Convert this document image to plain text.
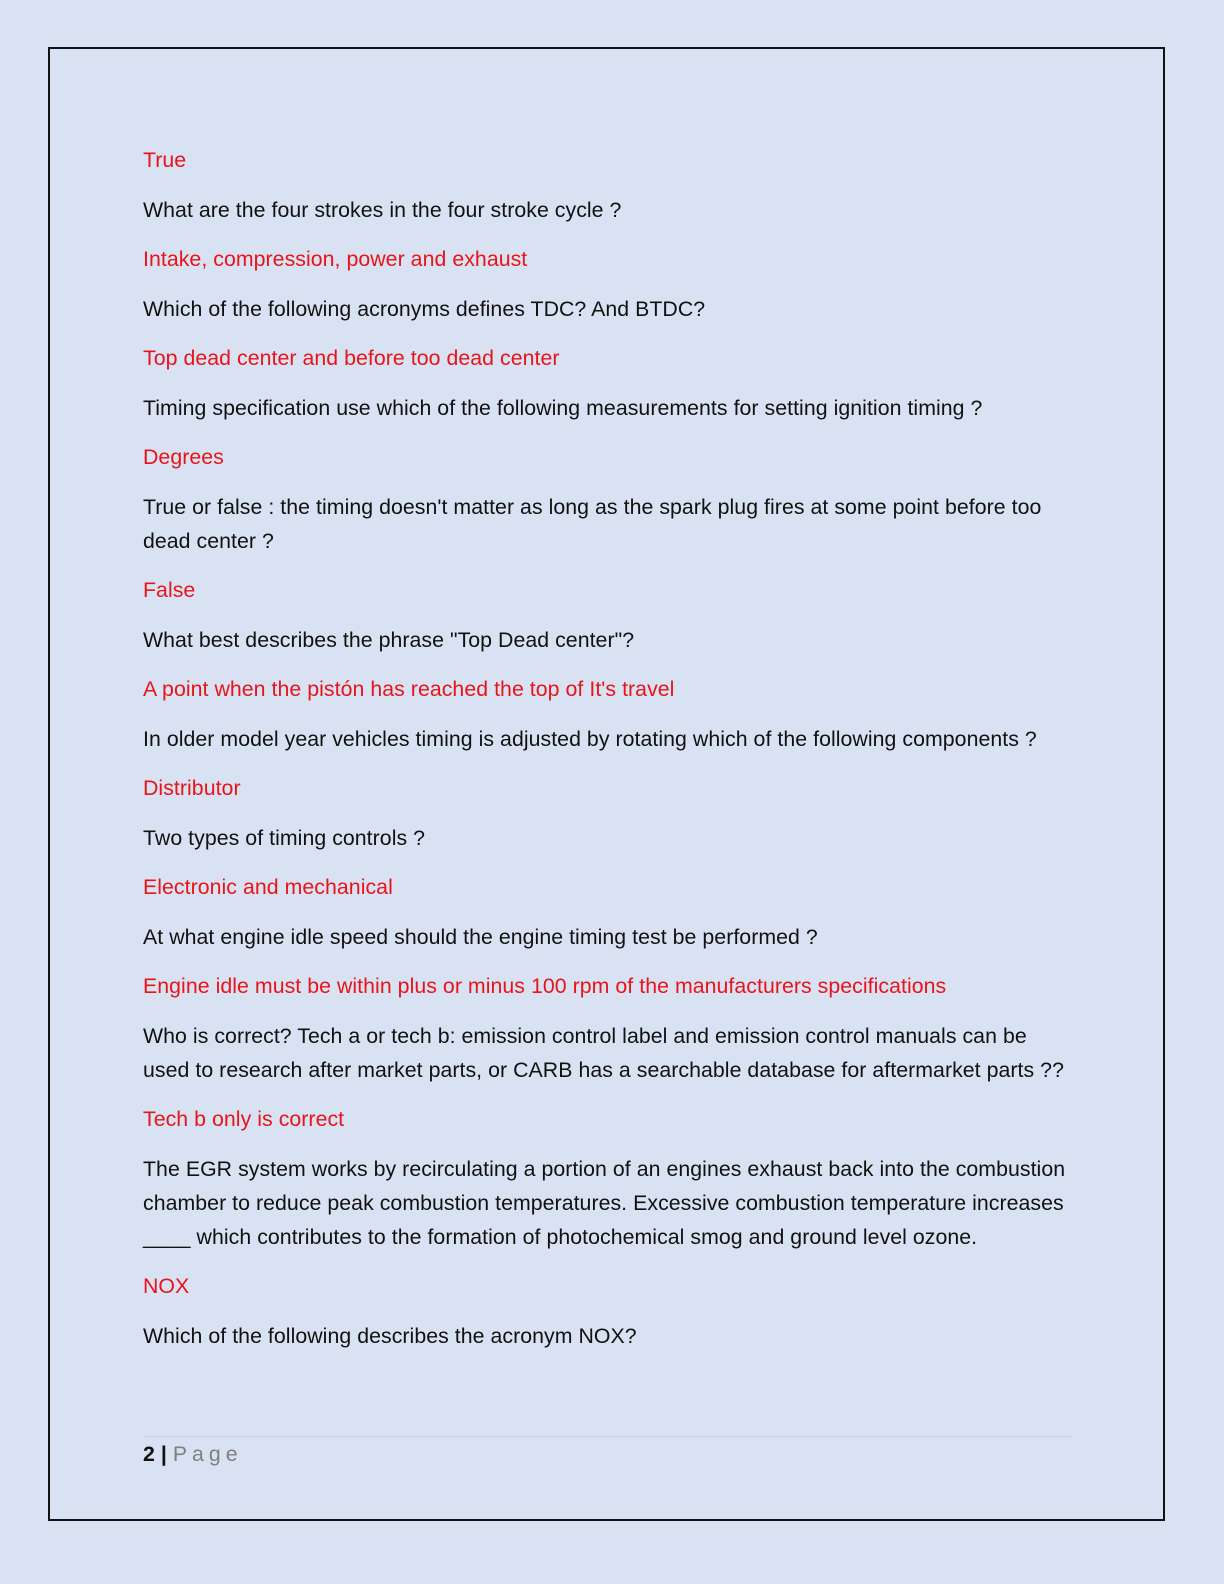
True

What are the four strokes in the four stroke cycle ?

Intake, compression, power and exhaust

Which of the following acronyms defines TDC? And BTDC?

Top dead center and before too dead center

Timing specification use which of the following measurements for setting ignition timing ?

Degrees

True or false : the timing doesn't matter as long as the spark plug fires at some point before too dead center ?

False

What best describes the phrase "Top Dead center"?

A point when the pistón has reached the top of It's travel

In older model year vehicles timing is adjusted by rotating which of the following components ?

Distributor

Two types of timing controls ?

Electronic and mechanical

At what engine idle speed should the engine timing test be performed ?

Engine idle must be within plus or minus 100 rpm of the manufacturers specifications

Who is correct? Tech a or tech b: emission control label and emission control manuals can be used to research after market parts, or CARB has a searchable database for aftermarket parts ??

Tech b only is correct

The EGR system works by recirculating a portion of an engines exhaust back into the combustion chamber to reduce peak combustion temperatures. Excessive combustion temperature increases ____ which contributes to the formation of photochemical smog and ground level ozone.

NOX

Which of the following describes the acronym NOX?

2 | Page
